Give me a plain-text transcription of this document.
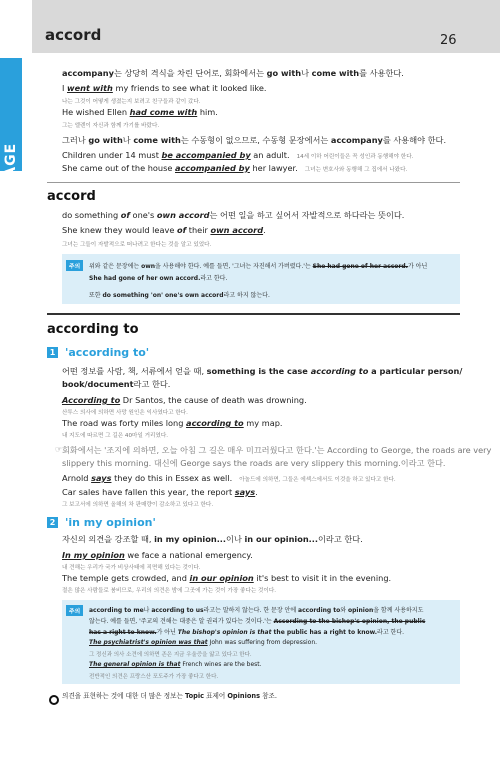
accord	26
USAGE
accompany는 상당히 격식을 차린 단어로, 회화에서는 go with나 come with를 사용한다.
I went with my friends to see what it looked like.
나는 그것이 어떻게 생겼는지 보려고 친구들과 같이 갔다.
He wished Ellen had come with him.
그는 엘렌이 자신과 함께 가기를 바랐다.
그러나 go with나 come with는 수동형이 없으므로, 수동형 문장에서는 accompany를 사용해야 한다.
Children under 14 must be accompanied by an adult. 14세 이하 어린이들은 꼭 성인과 동행해야 한다.
She came out of the house accompanied by her lawyer. 그녀는 변호사와 동행해 그 집에서 나왔다.
accord
do something of one's own accord는 어떤 일을 하고 싶어서 자발적으로 하다라는 뜻이다.
She knew they would leave of their own accord.
그녀는 그들이 자발적으로 떠나려고 한다는 것을 알고 있었다.
주의	위와 같은 문장에는 own을 사용해야 한다. 예를 들면, '그녀는 자진해서 가버렸다.'는 She had gone of her accord.가 아닌
She had gone of her own accord.라고 한다.
또한 do something 'on' one's own accord라고 하지 않는다.
according to
1 'according to'
어떤 정보를 사람, 책, 서류에서 얻을 때, something is the case according to a particular person/
book/document라고 한다.
According to Dr Santos, the cause of death was drowning.
산투스 의사에 의하면 사망 원인은 익사였다고 한다.
The road was forty miles long according to my map.
내 지도에 따르면 그 길은 40마일 거리였다.
☞ 회화에서는 '조지에 의하면, 오늘 아침 그 길은 매우 미끄러웠다고 한다.'는 According to George, the roads are very
slippery this morning. 대신에 George says the roads are very slippery this morning.이라고 한다.
Arnold says they do this in Essex as well. 아놀드에 의하면, 그들은 에섹스에서도 이것을 하고 있다고 한다.
Car sales have fallen this year, the report says.
그 보고서에 의하면 올해의 차 판매량이 감소하고 있다고 한다.
2 'in my opinion'
자신의 의견을 강조할 때, in my opinion...이나 in our opinion...이라고 한다.
In my opinion we face a national emergency.
내 견해는 우리가 국가 비상사태에 직면해 있다는 것이다.
The temple gets crowded, and in our opinion it's best to visit it in the evening.
절은 많은 사람들로 붐비므로, 우리의 의견은 밤에 그곳에 가는 것이 가장 좋다는 것이다.
주의	according to me나 according to us라고는 말하지 않는다. 한 문장 안에 according to와 opinion을 함께 사용하지도
않는다. 예를 들면, '주교의 견해는 대중은 알 권리가 있다는 것이다.'는 According to the bishop's opinion, the public
has a right to know.가 아닌 The bishop's opinion is that the public has a right to know.라고 한다.
The psychiatrist's opinion was that John was suffering from depression.
그 정신과 의사 소견에 의하면 존은 지금 우울증을 앓고 있다고 한다.
The general opinion is that French wines are the best.
전반적인 의견은 프랑스산 포도주가 가장 좋다고 한다.
의견을 표현하는 것에 대한 더 많은 정보는 Topic 표제어 Opinions 참조.
